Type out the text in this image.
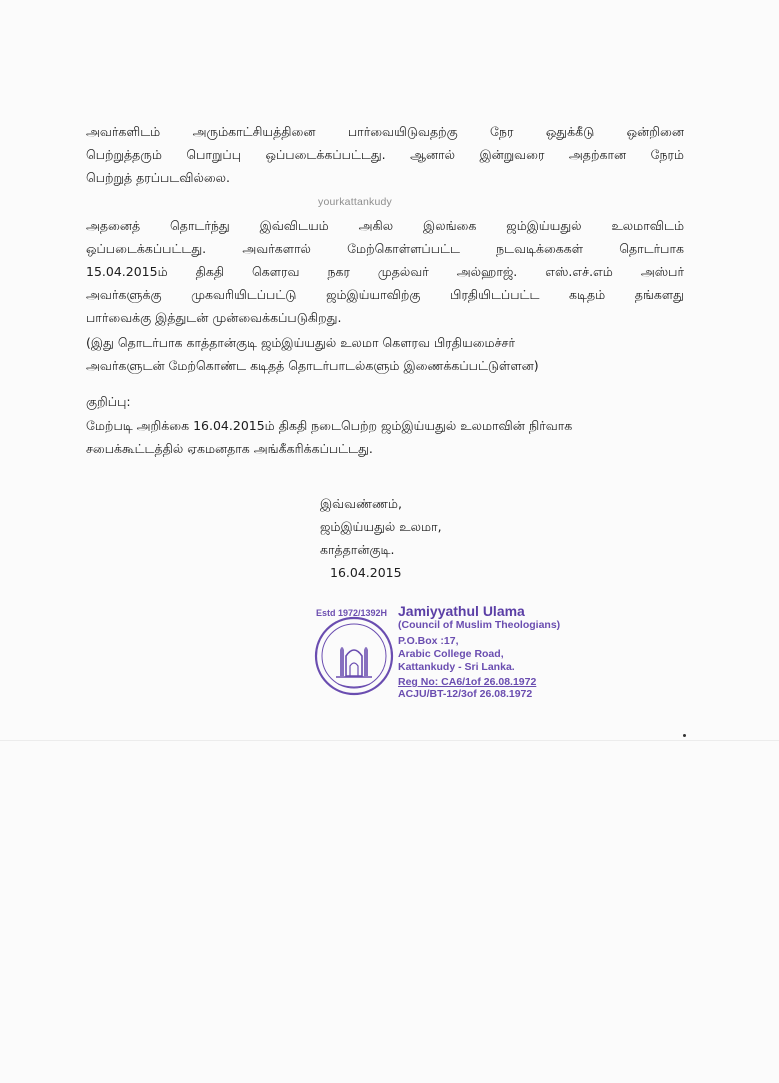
அவர்களிடம் அரும்காட்சியத்தினை பார்வையிடுவதற்கு நேர ஒதுக்கீடு ஒன்றினை
பெற்றுத்தரும் பொறுப்பு ஒப்படைக்கப்பட்டது. ஆனால் இன்றுவரை அதற்கான நேரம்
பெற்றுத் தரப்படவில்லை.
yourkattankudy
அதனைத் தொடர்ந்து இவ்விடயம் அகில இலங்கை ஜம்இய்யதுல் உலமாவிடம்
ஒப்படைக்கப்பட்டது. அவர்களால் மேற்கொள்ளப்பட்ட நடவடிக்கைகள் தொடர்பாக
15.04.2015ம் திகதி கௌரவ நகர முதல்வர் அல்ஹாஜ். எஸ்.எச்.எம் அஸ்பர்
அவர்களுக்கு முகவரியிடப்பட்டு ஜம்இய்யாவிற்கு பிரதியிடப்பட்ட கடிதம் தங்களது
பார்வைக்கு இத்துடன் முன்வைக்கப்படுகிறது.
(இது தொடர்பாக காத்தான்குடி ஜம்இய்யதுல் உலமா கௌரவ பிரதியமைச்சர்
அவர்களுடன் மேற்கொண்ட கடிதத் தொடர்பாடல்களும் இணைக்கப்பட்டுள்ளன)
குறிப்பு:
மேற்படி அறிக்கை 16.04.2015ம் திகதி நடைபெற்ற ஜம்இய்யதுல் உலமாவின் நிர்வாக
சபைக்கூட்டத்தில் ஏகமனதாக அங்கீகரிக்கப்பட்டது.
இவ்வண்ணம்,
ஜம்இய்யதுல் உலமா,
காத்தான்குடி.
16.04.2015
Estd 1972/1392H Jamiyyathul Ulama
(Council of Muslim Theologians)
P.O.Box :17,
Arabic College Road,
Kattankudy - Sri Lanka.
Reg No: CA6/1of 26.08.1972
ACJU/BT-12/3of 26.08.1972
